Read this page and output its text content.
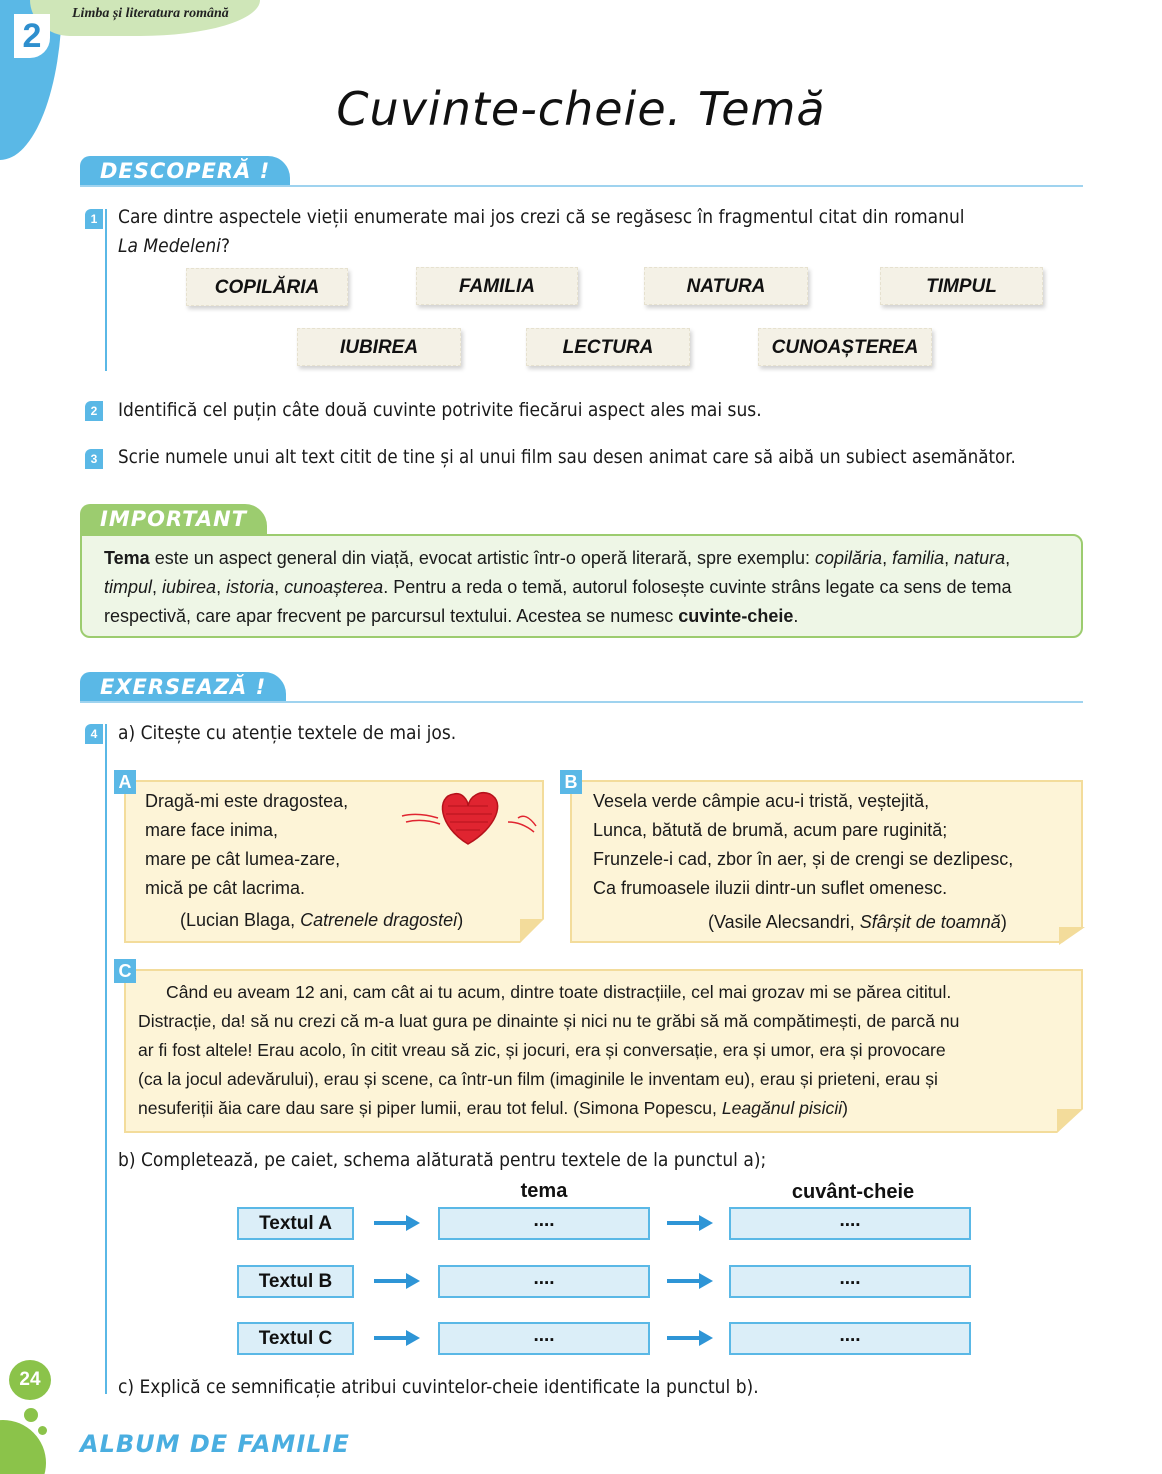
2
Limba și literatura română
Cuvinte-cheie. Temă
DESCOPERĂ !
1 Care dintre aspectele vieții enumerate mai jos crezi că se regăsesc în fragmentul citat din romanul
La Medeleni?
COPILĂRIA	FAMILIA	NATURA	TIMPUL
IUBIREA	LECTURA	CUNOAȘTEREA
2 Identifică cel puțin câte două cuvinte potrivite fiecărui aspect ales mai sus.
3	Scrie numele unui alt text citit de tine și al unui film sau desen animat care să aibă un subiect asemănător.
IMPORTANT
Tema este un aspect general din viață, evocat artistic într-o operă literară, spre exemplu: copilăria, familia, natura, timpul, iubirea, istoria, cunoașterea. Pentru a reda o temă, autorul folosește cuvinte strâns legate ca sens de tema respectivă, care apar frecvent pe parcursul textului. Acestea se numesc cuvinte-cheie.
EXERSEAZĂ !
4 a) Citește cu atenție textele de mai jos.
A
Dragă-mi este dragostea,
mare face inima,
mare pe cât lumea-zare,
mică pe cât lacrima.
(Lucian Blaga, Catrenele dragostei)
B
Vesela verde câmpie acu-i tristă, veștejită,
Lunca, bătută de brumă, acum pare ruginită;
Frunzele-i cad, zbor în aer, și de crengi se dezlipesc,
Ca frumoasele iluzii dintr-un suflet omenesc.
(Vasile Alecsandri, Sfârșit de toamnă)
C
Când eu aveam 12 ani, cam cât ai tu acum, dintre toate distracțiile, cel mai grozav mi se părea cititul.
Distracție, da! să nu crezi că m-a luat gura pe dinainte și nici nu te grăbi să mă compătimești, de parcă nu
ar fi fost altele! Erau acolo, în citit vreau să zic, și jocuri, era și conversație, era și umor, era și provocare
(ca la jocul adevărului), erau și scene, ca într-un film (imaginile le inventam eu), erau și prieteni, erau și
nesuferiții ăia care dau sare și piper lumii, erau tot felul. (Simona Popescu, Leagănul pisicii)
b) Completează, pe caiet, schema alăturată pentru textele de la punctul a);
tema	cuvânt-cheie
Textul A	....	....
Textul B	....	....
Textul C	....	....
c) Explică ce semnificație atribui cuvintelor-cheie identificate la punctul b).
24
ALBUM DE FAMILIE
